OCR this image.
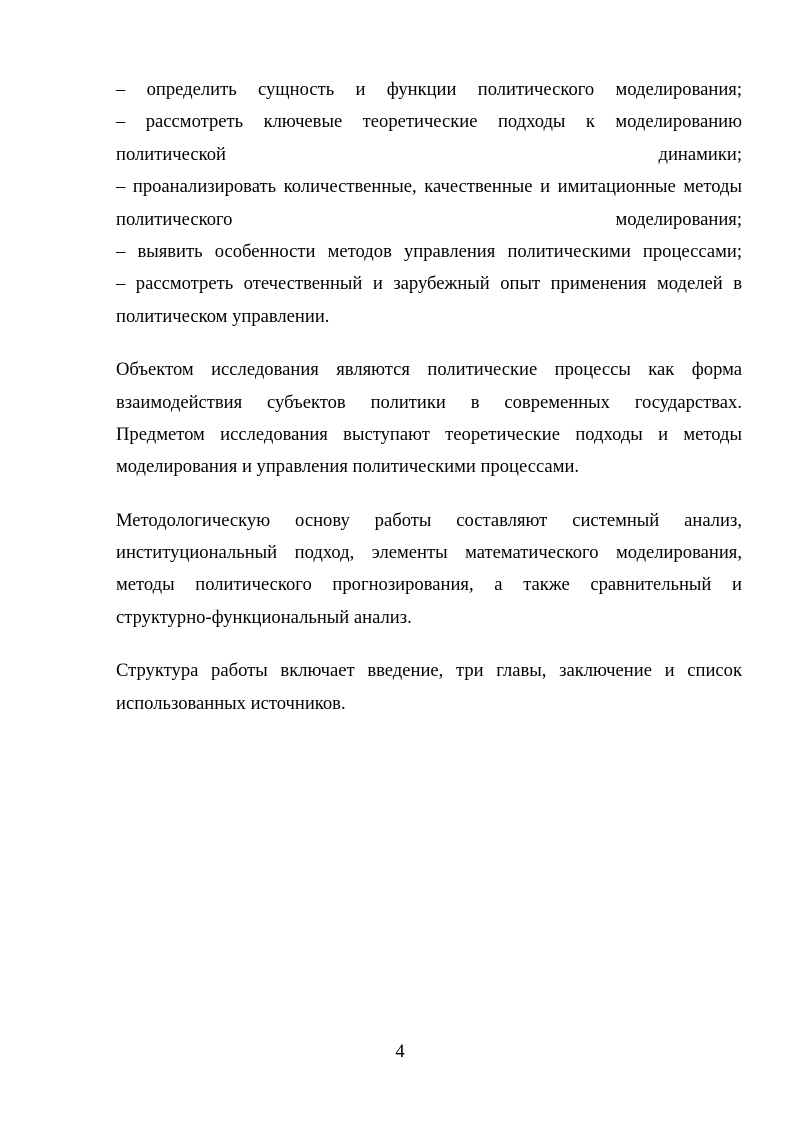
– определить сущность и функции политического моделирования;
– рассмотреть ключевые теоретические подходы к моделированию
политической динамики;
– проанализировать количественные, качественные и имитационные методы
политического моделирования;
– выявить особенности методов управления политическими процессами;
– рассмотреть отечественный и зарубежный опыт применения моделей в
политическом управлении.
Объектом исследования являются политические процессы как форма
взаимодействия субъектов политики в современных государствах.
Предметом исследования выступают теоретические подходы и методы
моделирования и управления политическими процессами.
Методологическую основу работы составляют системный анализ,
институциональный подход, элементы математического моделирования,
методы политического прогнозирования, а также сравнительный и
структурно-функциональный анализ.
Структура работы включает введение, три главы, заключение и список
использованных источников.
4
